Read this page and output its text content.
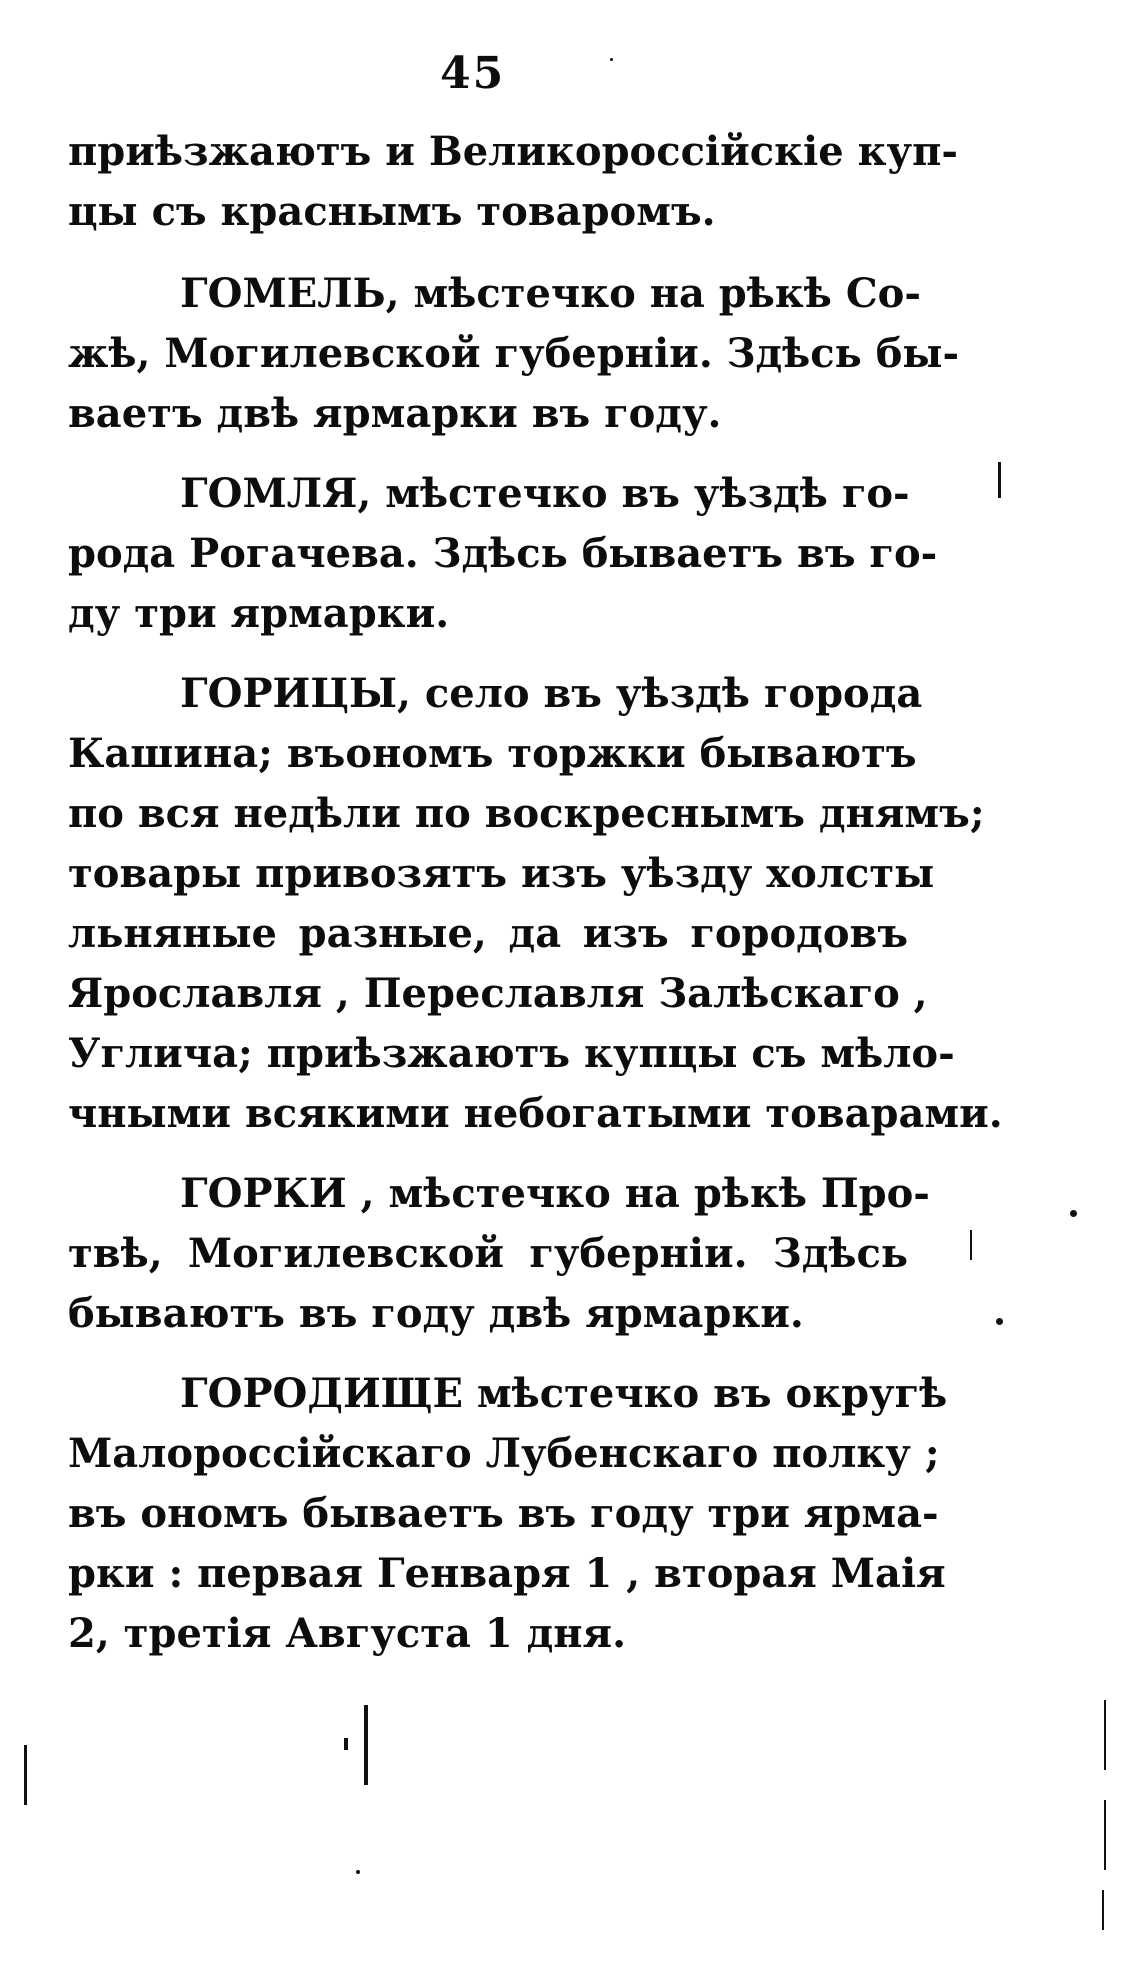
45
приѣзжаютъ и Великороссійскіе куп-
цы съ краснымъ товаромъ.
ГОМЕЛЬ, мѣстечко на рѣкѣ Со-
жѣ, Могилевской губерніи. Здѣсь бы-
ваетъ двѣ ярмарки въ году.
ГОМЛЯ, мѣстечко въ уѣздѣ го-
рода Рогачева. Здѣсь бываетъ въ го-
ду три ярмарки.
ГОРИЦЫ, село въ уѣздѣ города
Кашина; въономъ торжки бываютъ
по вся недѣли по воскреснымъ днямъ;
товары привозятъ изъ уѣзду холсты
льняные разные, да изъ городовъ
Ярославля , Переславля Залѣскаго ,
Углича; приѣзжаютъ купцы съ мѣло-
чными всякими небогатыми товарами.
ГОРКИ , мѣстечко на рѣкѣ Про-
твѣ, Могилевской губерніи. Здѣсь
бываютъ въ году двѣ ярмарки.
ГОРОДИЩЕ мѣстечко въ округѣ
Малороссійскаго Лубенскаго полку ;
въ ономъ бываетъ въ году три ярма-
рки : первая Генваря 1 , вторая Маія
2, третія Августа 1 дня.
